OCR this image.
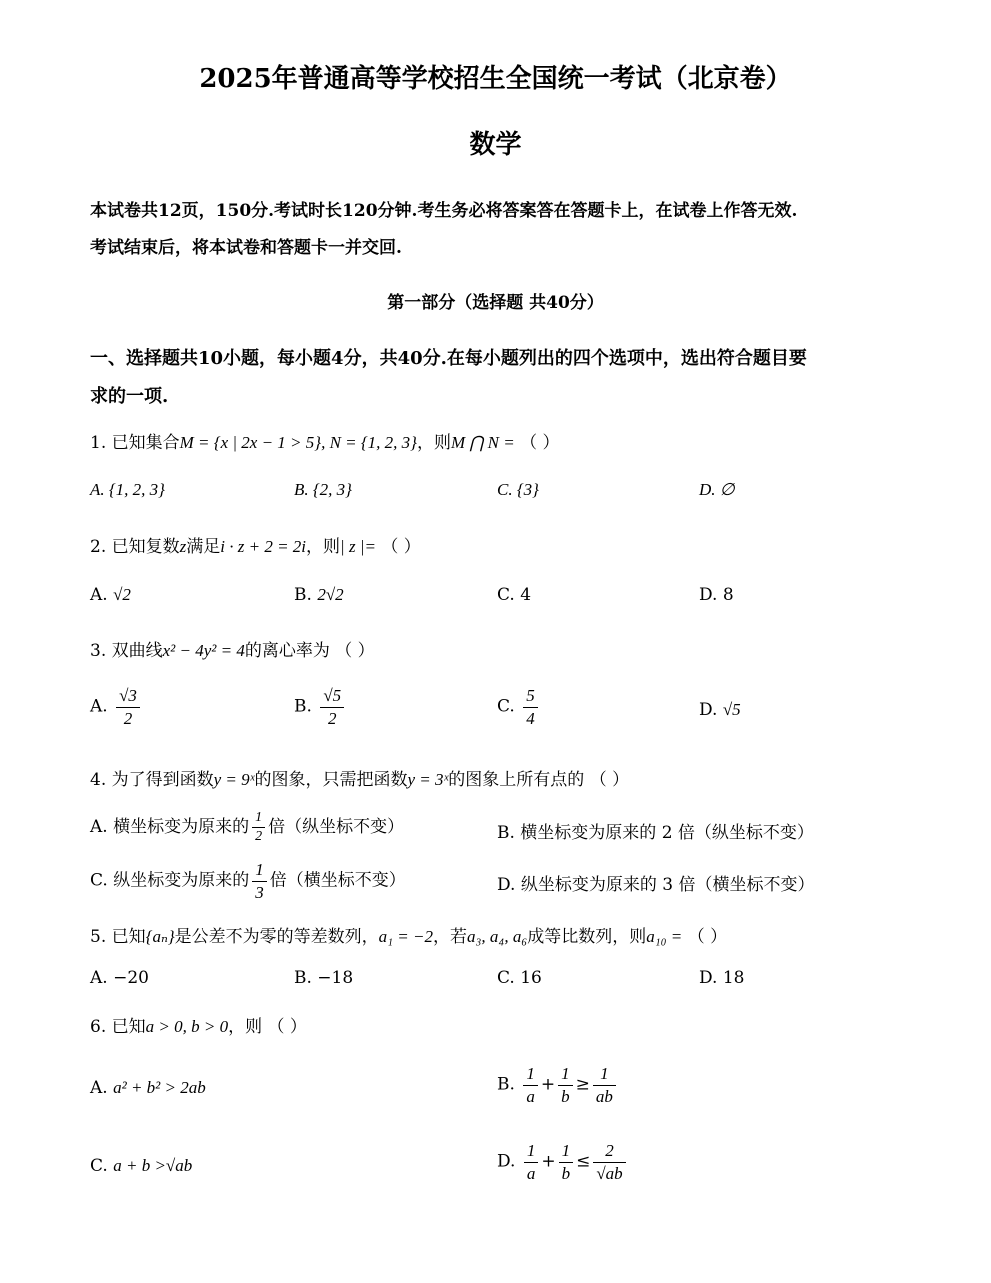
2025年普通高等学校招生全国统一考试（北京卷）
数学
本试卷共12页，150分.考试时长120分钟.考生务必将答案答在答题卡上，在试卷上作答无效.
考试结束后，将本试卷和答题卡一并交回.
第一部分（选择题 共40分）
一、选择题共10小题，每小题4分，共40分.在每小题列出的四个选项中，选出符合题目要
求的一项.
1. 已知集合M = {x | 2x − 1 > 5}, N = {1, 2, 3}，则M ⋂ N = （ ）
A. {1, 2, 3}	B. {2, 3}	C. {3}	D. ∅
2. 已知复数z满足i · z + 2 = 2i，则| z |= （ ）
A. √2	B. 2√2	C. 4	D. 8
3. 双曲线x² − 4y² = 4的离心率为 （ ）
A. $\frac{√3}{2}$	B. $\frac{√5}{2}$	C. $\frac{5}{4}$	D. √5
4. 为了得到函数y = 9ˣ的图象，只需把函数y = 3ˣ的图象上所有点的 （ ）
A. 横坐标变为原来的 $\frac{1}{2}$ 倍（纵坐标不变）	B. 横坐标变为原来的 2 倍（纵坐标不变）
C. 纵坐标变为原来的 $\frac{1}{3}$ 倍（横坐标不变）	D. 纵坐标变为原来的 3 倍（横坐标不变）
5. 已知{aₙ}是公差不为零的等差数列，a₁ = −2，若a₃, a₄, a₆成等比数列，则a₁₀ = （ ）
A. −20	B. −18	C. 16	D. 18
6. 已知a > 0, b > 0，则 （ ）
A. a² + b² > 2ab	B. $\frac{1}{a} + \frac{1}{b} \ge \frac{1}{ab}$
C. a + b >√ab	D. $\frac{1}{a} + \frac{1}{b} \le \frac{2}{√ab}$
